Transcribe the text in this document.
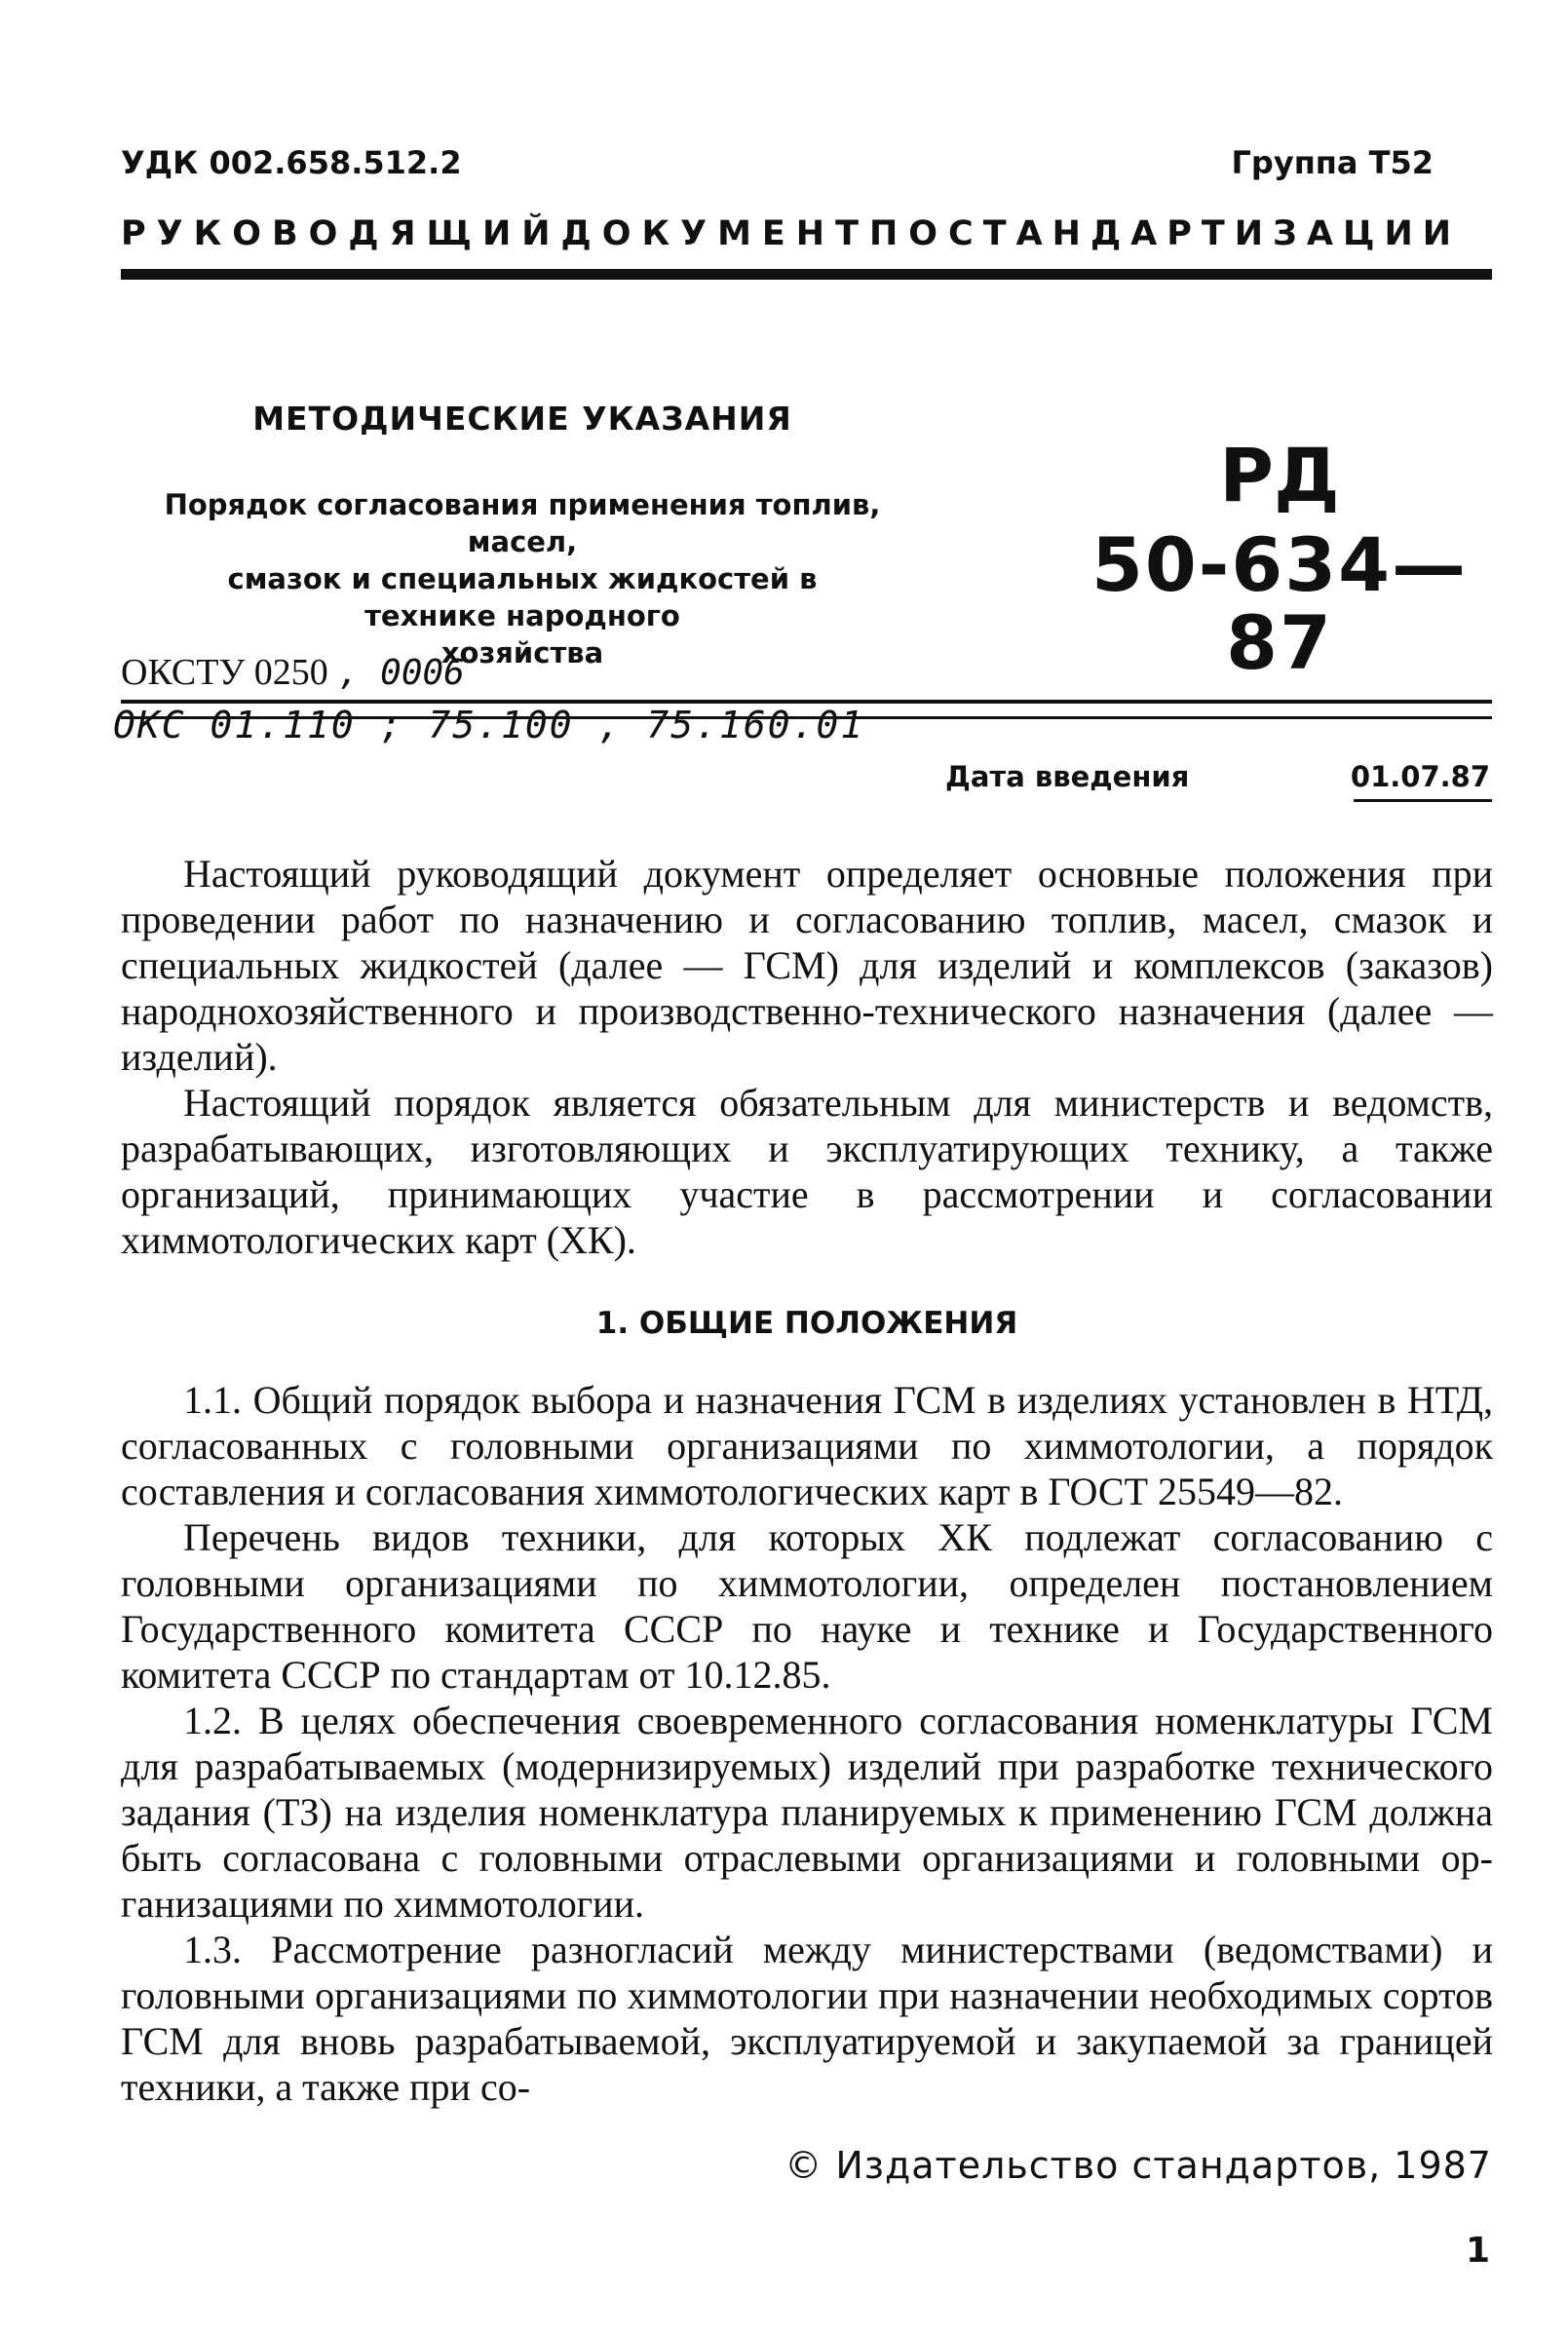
УДК 002.658.512.2	Группа Т52
РУКОВОДЯЩИЙ ДОКУМЕНТ ПО СТАНДАРТИЗАЦИИ
МЕТОДИЧЕСКИЕ УКАЗАНИЯ
Порядок согласования применения топлив, масел,
смазок и специальных жидкостей в технике народного
хозяйства
РД
50-634—87
ОКСТУ 0250 , 0006
ОКС 01.110 ; 75.100 , 75.160.01
Дата введения	01.07.87

Настоящий руководящий документ определяет основные положения при проведении работ по назначению и согласованию топлив, масел, смазок и специальных жидкостей (далее — ГСМ) для изделий и комплексов (заказов) народнохозяйственного и производственно-технического назначения (далее — изделий).

Настоящий порядок является обязательным для министерств и ведомств, разрабатывающих, изготовляющих и эксплуатирующих технику, а также организаций, принимающих участие в рассмотрении и согласовании химмотологических карт (ХК).

1. ОБЩИЕ ПОЛОЖЕНИЯ

1.1. Общий порядок выбора и назначения ГСМ в изделиях установлен в НТД, согласованных с головными организациями по химмотологии, а порядок составления и согласования химмотологических карт в ГОСТ 25549—82.

Перечень видов техники, для которых ХК подлежат согласованию с головными организациями по химмотологии, определен постановлением Государственного комитета СССР по науке и технике и Государственного комитета СССР по стандартам от 10.12.85.

1.2. В целях обеспечения своевременного согласования номенклатуры ГСМ для разрабатываемых (модернизируемых) изделий при разработке технического задания (ТЗ) на изделия номенклатура планируемых к применению ГСМ должна быть согласована с головными отраслевыми организациями и головными организациями по химмотологии.

1.3. Рассмотрение разногласий между министерствами (ведомствами) и головными организациями по химмотологии при назначении необходимых сортов ГСМ для вновь разрабатываемой, эксплуатируемой и закупаемой за границей техники, а также при со-

© Издательство стандартов, 1987
1
